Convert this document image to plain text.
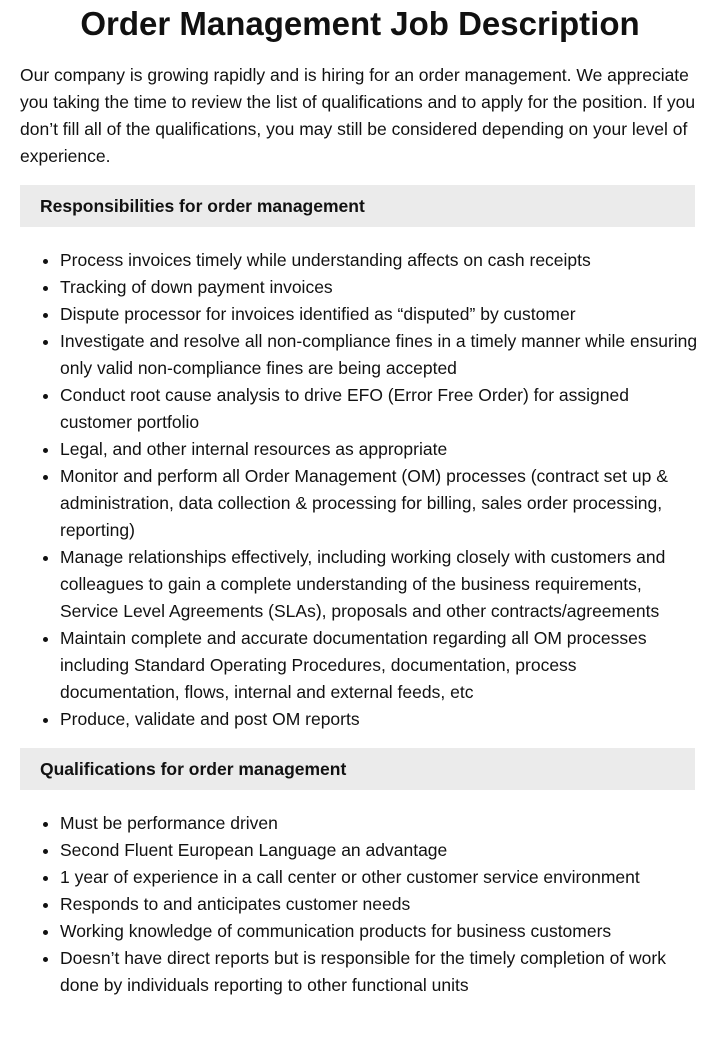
Order Management Job Description

Our company is growing rapidly and is hiring for an order management. We appreciate you taking the time to review the list of qualifications and to apply for the position. If you don’t fill all of the qualifications, you may still be considered depending on your level of experience.

Responsibilities for order management
• Process invoices timely while understanding affects on cash receipts
• Tracking of down payment invoices
• Dispute processor for invoices identified as “disputed” by customer
• Investigate and resolve all non-compliance fines in a timely manner while ensuring only valid non-compliance fines are being accepted
• Conduct root cause analysis to drive EFO (Error Free Order) for assigned customer portfolio
• Legal, and other internal resources as appropriate
• Monitor and perform all Order Management (OM) processes (contract set up & administration, data collection & processing for billing, sales order processing, reporting)
• Manage relationships effectively, including working closely with customers and colleagues to gain a complete understanding of the business requirements, Service Level Agreements (SLAs), proposals and other contracts/agreements
• Maintain complete and accurate documentation regarding all OM processes including Standard Operating Procedures, documentation, process documentation, flows, internal and external feeds, etc
• Produce, validate and post OM reports
Qualifications for order management
• Must be performance driven
• Second Fluent European Language an advantage
• 1 year of experience in a call center or other customer service environment
• Responds to and anticipates customer needs
• Working knowledge of communication products for business customers
• Doesn’t have direct reports but is responsible for the timely completion of work done by individuals reporting to other functional units
